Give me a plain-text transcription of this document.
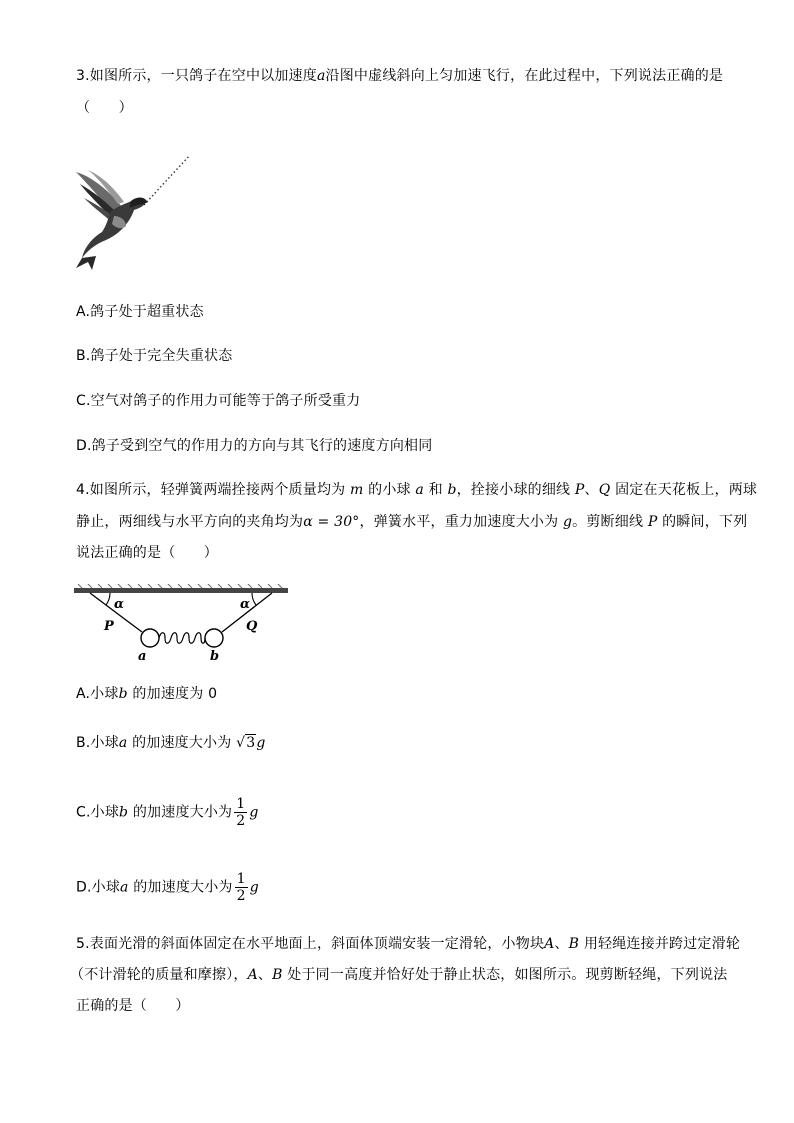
3.如图所示，一只鸽子在空中以加速度a沿图中虚线斜向上匀加速飞行，在此过程中，下列说法正确的是
（　　）
A.鸽子处于超重状态
B.鸽子处于完全失重状态
C.空气对鸽子的作用力可能等于鸽子所受重力
D.鸽子受到空气的作用力的方向与其飞行的速度方向相同
4.如图所示，轻弹簧两端拴接两个质量均为 m 的小球 a 和 b，拴接小球的细线 P、Q 固定在天花板上，两球
静止，两细线与水平方向的夹角均为α = 30°，弹簧水平，重力加速度大小为 g。剪断细线 P 的瞬间，下列
说法正确的是（　　）
α	α
P	Q
a	b
A.小球b 的加速度为 0
B.小球a 的加速度大小为 √3g
C.小球b 的加速度大小为 $\frac{1}{2}$ g
D.小球a 的加速度大小为 $\frac{1}{2}$ g
5.表面光滑的斜面体固定在水平地面上，斜面体顶端安装一定滑轮，小物块A、B 用轻绳连接并跨过定滑轮
（不计滑轮的质量和摩擦），A、B 处于同一高度并恰好处于静止状态，如图所示。现剪断轻绳，下列说法
正确的是（　　）
